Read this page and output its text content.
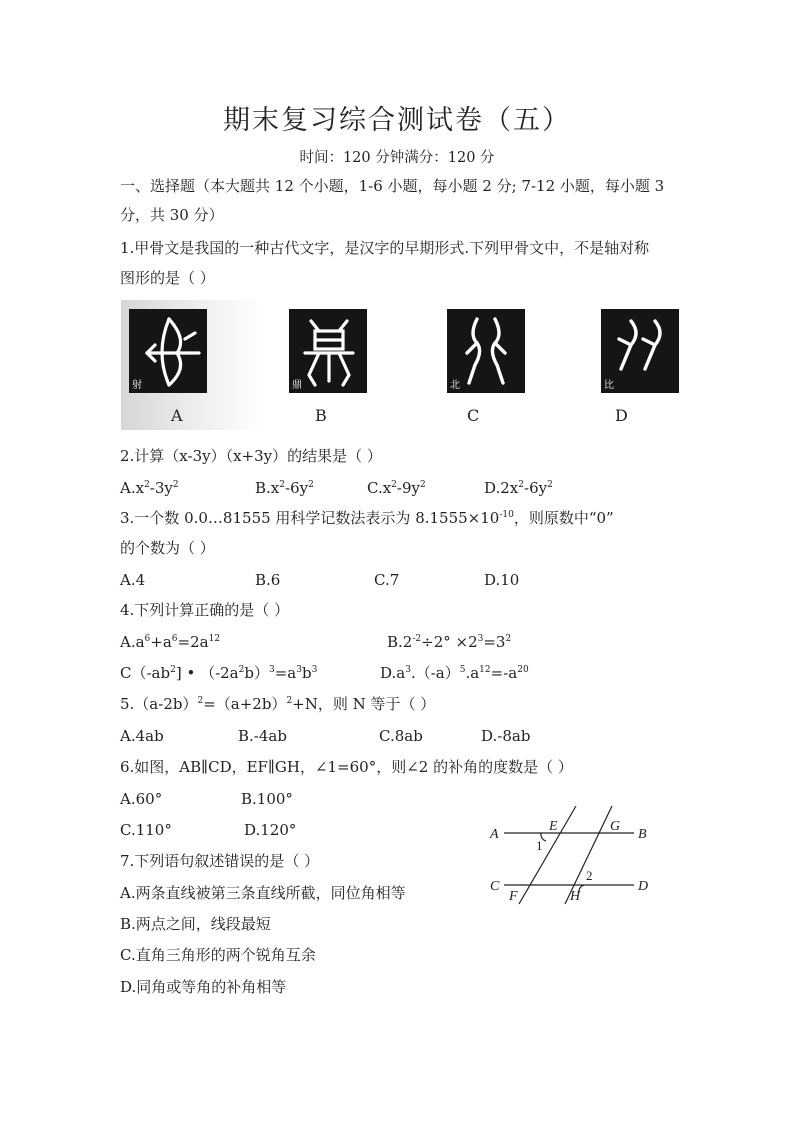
期末复习综合测试卷（五）
时间：120 分钟满分：120 分
一、选择题（本大题共 12 个小题，1-6 小题，每小题 2 分; 7-12 小题，每小题 3
分，共 30 分）
1.甲骨文是我国的一种古代文字，是汉字的早期形式.下列甲骨文中，不是轴对称
图形的是（ ）
射	鼎	北	比
A	B	C	D
2.计算（x-3y）（x+3y）的结果是（ ）
$A.x^2-3y^2$	$B.x^2-6y^2$	$C.x^2-9y^2$	$D.2x^2-6y^2$
3.一个数 0.0…81555 用科学记数法表示为 $8.1555\times 10^{-10}$，则原数中“0”
的个数为（ ）
A.4	B.6	C.7	D.10
4.下列计算正确的是（ ）
$A.a^6+a^6=2a^{12}$	$B.2^{-2}\div 2^\circ \times 2^3=3^2$
$C(-ab^2]$ • $(-2a^2b)^3=a^3b^3$	$D.a^3.(-a)^5.a^{12}=-a^{20}$
$5.(a-2b)^2=(a+2b)^2+N$，则 N 等于（ ）
A.4ab	B.-4ab	C.8ab	D.-8ab
6.如图，AB∥CD，EF∥GH，∠1=60°，则∠2 的补角的度数是（ ）
A.60°	B.100°
C.110°	D.120°	A	B
C	D
E	G
F	H
1
2
7.下列语句叙述错误的是（ ）
A.两条直线被第三条直线所截，同位角相等
B.两点之间，线段最短
C.直角三角形的两个锐角互余
D.同角或等角的补角相等
